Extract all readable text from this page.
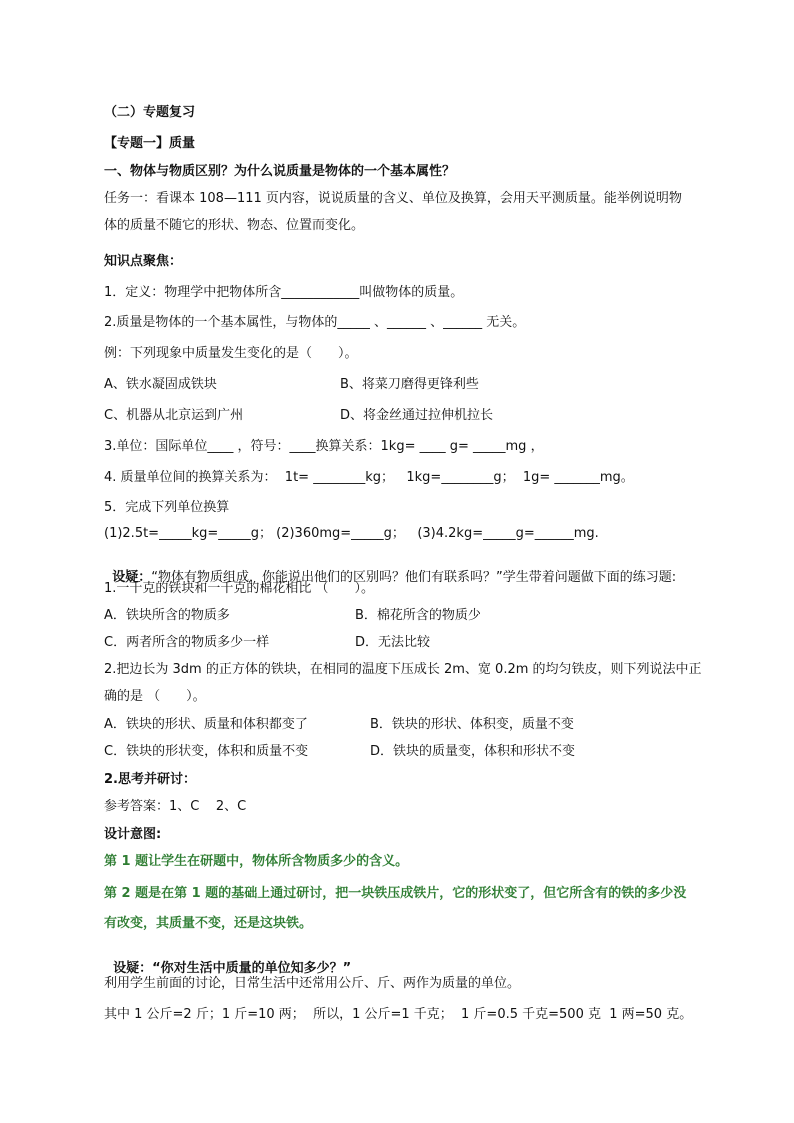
（二）专题复习
【专题一】质量
一、物体与物质区别？为什么说质量是物体的一个基本属性？
任务一：看课本 108—111 页内容，说说质量的含义、单位及换算，会用天平测质量。能举例说明物
体的质量不随它的形状、物态、位置而变化。
知识点聚焦：
1．定义：物理学中把物体所含____________叫做物体的质量。
2.质量是物体的一个基本属性，与物体的_____ 、______ 、______ 无关。
例：下列现象中质量发生变化的是（　　）。
A、铁水凝固成铁块	B、将菜刀磨得更锋利些
C、机器从北京运到广州	D、将金丝通过拉伸机拉长
3.单位：国际单位____ ，符号：____换算关系：1kg= ____ g= _____mg ，
4. 质量单位间的换算关系为：  1t= ________kg；   1kg=________g；  1g= _______mg。
5．完成下列单位换算
(1)2.5t=_____kg=_____g； (2)360mg=_____g；   (3)4.2kg=_____g=______mg.

设疑：“物体有物质组成，你能说出他们的区别吗？他们有联系吗？”学生带着问题做下面的练习题:

1.一千克的铁块和一千克的棉花相比 （　　）。
A．铁块所含的物质多	B．棉花所含的物质少
C．两者所含的物质多少一样	D．无法比较
2.把边长为 3dm 的正方体的铁块，在相同的温度下压成长 2m、宽 0.2m 的均匀铁皮，则下列说法中正
确的是 （　　）。
A．铁块的形状、质量和体积都变了	B．铁块的形状、体积变，质量不变
C．铁块的形状变，体积和质量不变	D．铁块的质量变，体积和形状不变
2.思考并研讨：
参考答案：1、C    2、C
设计意图:
第 1 题让学生在研题中，物体所含物质多少的含义。
第 2 题是在第 1 题的基础上通过研讨，把一块铁压成铁片，它的形状变了，但它所含有的铁的多少没
有改变，其质量不变，还是这块铁。

设疑：“你对生活中质量的单位知多少？”

利用学生前面的讨论，日常生活中还常用公斤、斤、两作为质量的单位。
其中 1 公斤=2 斤；1 斤=10 两；  所以，1 公斤=1 千克；  1 斤=0.5 千克=500 克  1 两=50 克。
